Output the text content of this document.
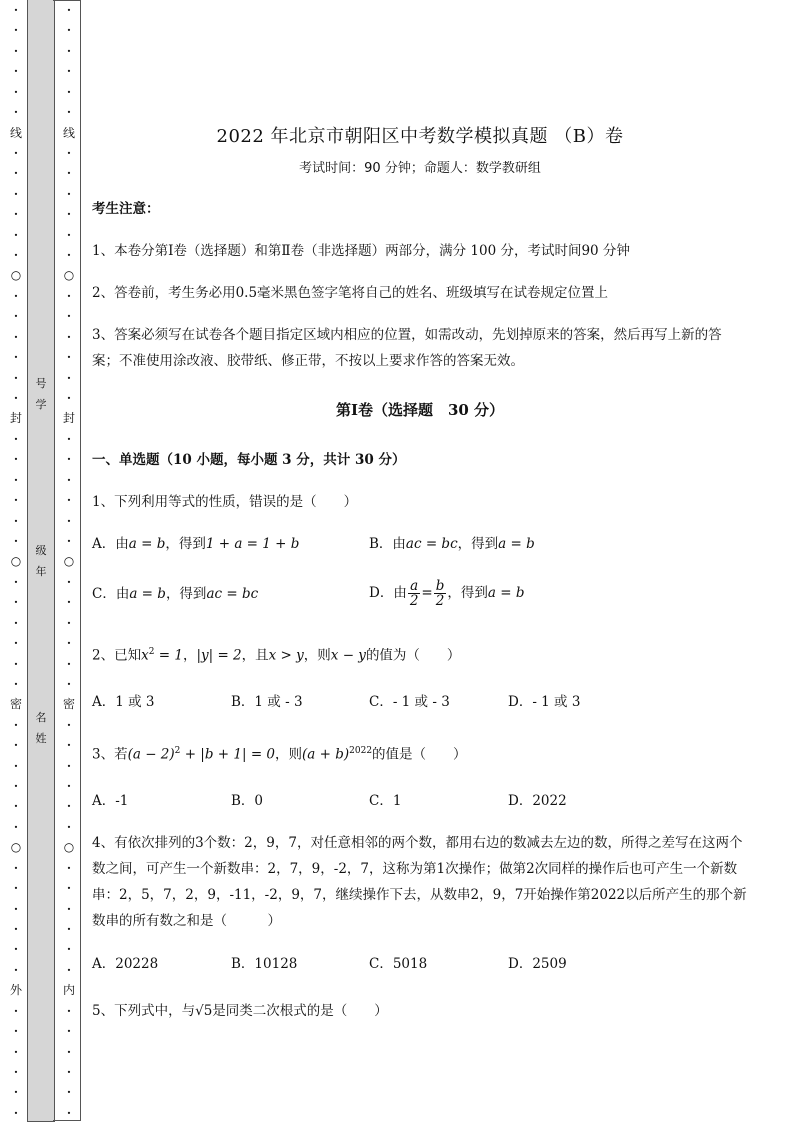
·
·
·
·
·
·
线
·
·
·
·
·
·
○
·
·
·
·
·
·
封
·
·
·
·
·
·
○
·
·
·
·
·
·
密
·
·
·
·
·
·
○
·
·
·
·
·
·
外
·
·
·
·
·
·
·
·
·
·
·
·
线
·
·
·
·
·
·
○
·
·
·
·
·
·
封
·
·
·
·
·
·
○
·
·
·
·
·
·
密
·
·
·
·
·
·
○
·
·
·
·
·
·
内
·
·
·
·
·
·
号
学
级
年
名
姓
2022 年北京市朝阳区中考数学模拟真题 （B）卷
考试时间：90 分钟；命题人：数学教研组
考生注意：
1、本卷分第Ⅰ卷（选择题）和第Ⅱ卷（非选择题）两部分，满分 100 分，考试时间90 分钟
2、答卷前，考生务必用0.5毫米黑色签字笔将自己的姓名、班级填写在试卷规定位置上
3、答案必须写在试卷各个题目指定区域内相应的位置，如需改动，先划掉原来的答案，然后再写上新的答案；不准使用涂改液、胶带纸、修正带，不按以上要求作答的答案无效。
第Ⅰ卷（选择题　30 分）
一、单选题（10 小题，每小题 3 分，共计 30 分）
1、下列利用等式的性质，错误的是（　　）
A．由a = b，得到1 + a = 1 + b	B．由ac = bc，得到a = b
C．由a = b，得到ac = bc	D．由 $\frac{a}{2} = \frac{b}{2}$ ，得到a = b
2、已知$x^2 = 1$，|y| = 2，且x > y，则x − y的值为（　　）
A．1 或 3	B．1 或 - 3	C．- 1 或 - 3	D．- 1 或 3
3、若$(a - 2)^2 + |b + 1| = 0$，则$(a + b)^{2022}$的值是（　　）
A．-1	B．0	C．1	D．2022
4、有依次排列的3个数：2，9，7，对任意相邻的两个数，都用右边的数减去左边的数，所得之差写在这两个数之间，可产生一个新数串：2，7，9，-2，7，这称为第1次操作；做第2次同样的操作后也可产生一个新数串：2，5，7，2，9，-11，-2，9，7，继续操作下去，从数串2，9，7开始操作第2022以后所产生的那个新数串的所有数之和是（　　　）
A．20228	B．10128	C．5018	D．2509
5、下列式中，与√5是同类二次根式的是（　　）
